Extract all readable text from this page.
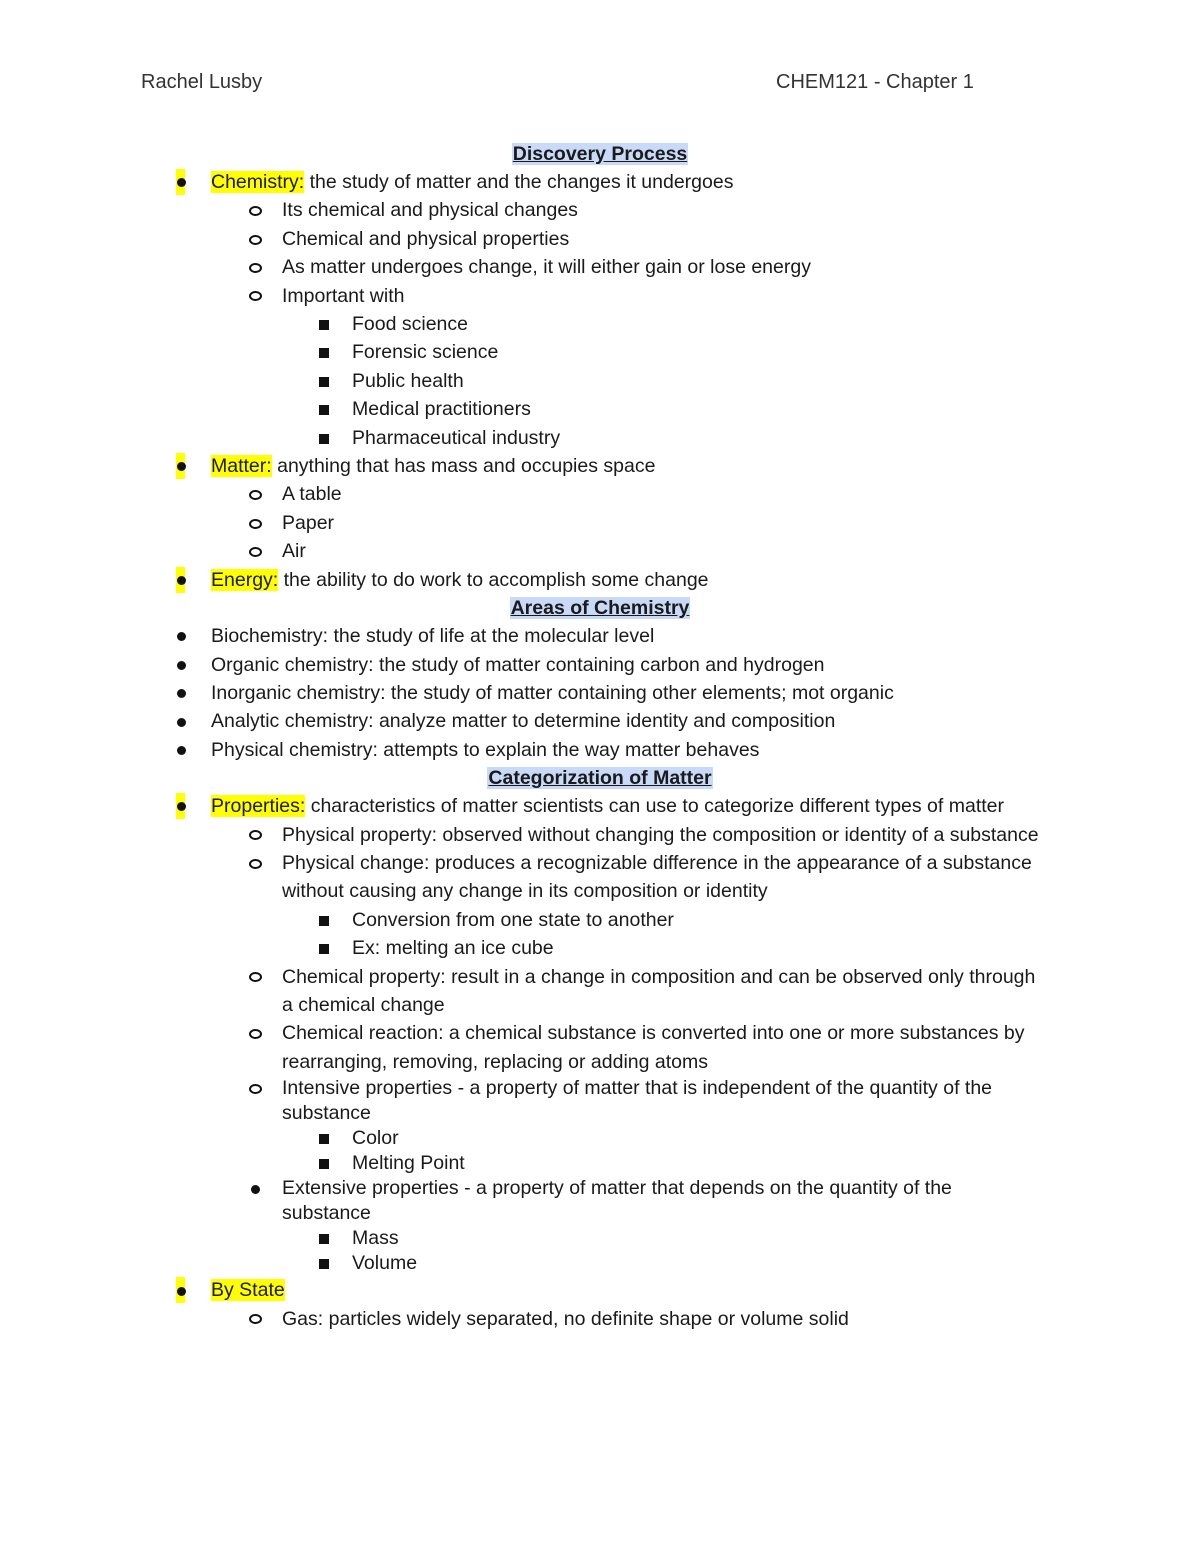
Rachel Lusby	CHEM121 - Chapter 1
Discovery Process
Chemistry: the study of matter and the changes it undergoes
Its chemical and physical changes
Chemical and physical properties
As matter undergoes change, it will either gain or lose energy
Important with
Food science
Forensic science
Public health
Medical practitioners
Pharmaceutical industry
Matter: anything that has mass and occupies space
A table
Paper
Air
Energy: the ability to do work to accomplish some change
Areas of Chemistry
Biochemistry: the study of life at the molecular level
Organic chemistry: the study of matter containing carbon and hydrogen
Inorganic chemistry: the study of matter containing other elements; mot organic
Analytic chemistry: analyze matter to determine identity and composition
Physical chemistry: attempts to explain the way matter behaves
Categorization of Matter
Properties: characteristics of matter scientists can use to categorize different types of matter
Physical property: observed without changing the composition or identity of a substance
Physical change: produces a recognizable difference in the appearance of a substance without causing any change in its composition or identity
Conversion from one state to another
Ex: melting an ice cube
Chemical property: result in a change in composition and can be observed only through a chemical change
Chemical reaction: a chemical substance is converted into one or more substances by rearranging, removing, replacing or adding atoms
Intensive properties - a property of matter that is independent of the quantity of the substance
Color
Melting Point
Extensive properties - a property of matter that depends on the quantity of the substance
Mass
Volume
By State
Gas: particles widely separated, no definite shape or volume solid
